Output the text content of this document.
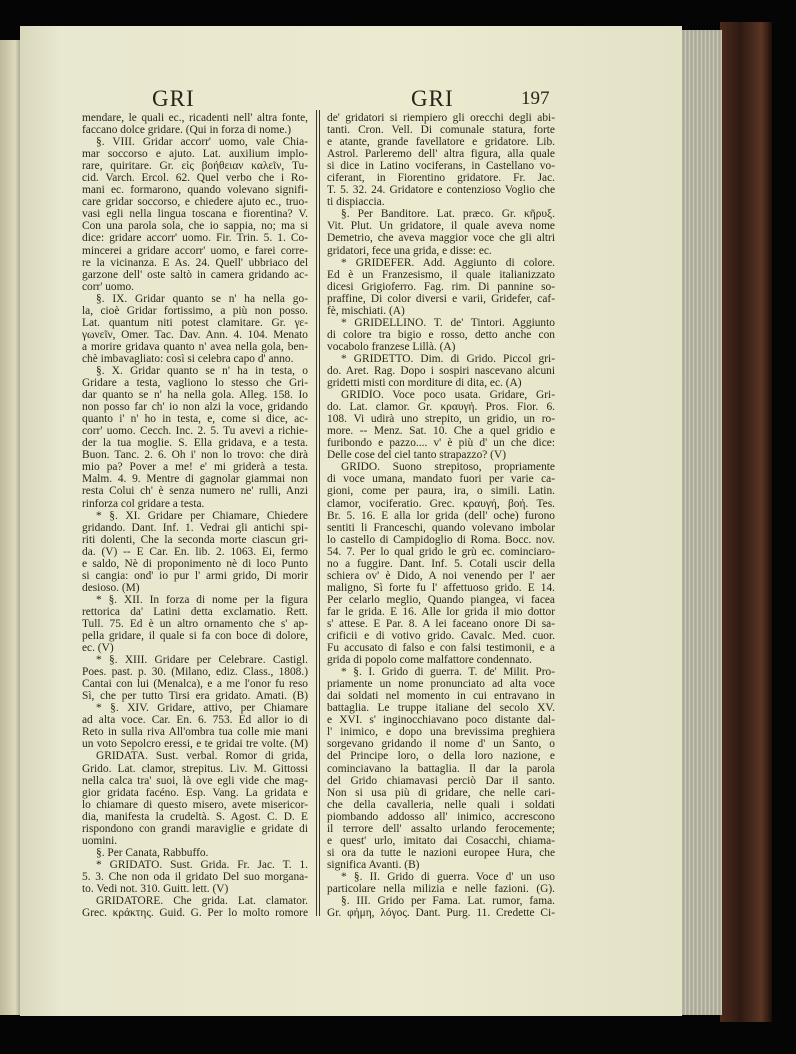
GRI	GRI	197
mendare, le quali ec., ricadenti nell' altra fonte,
faccano dolce gridare. (Qui in forza di nome.)
§. VIII. Gridar accorr' uomo, vale Chia-
mar soccorso e ajuto. Lat. auxilium implo-
rare, quiritare. Gr. εἰς βοήθειαν καλεῖν, Tu-
cid. Varch. Ercol. 62. Quel verbo che i Ro-
mani ec. formarono, quando volevano signifi-
care gridar soccorso, e chiedere ajuto ec., truo-
vasi egli nella lingua toscana e fiorentina? V.
Con una parola sola, che io sappia, no; ma si
dice: gridare accorr' uomo. Fir. Trin. 5. 1. Co-
mincerei a gridare accorr' uomo, e farei corre-
re la vicinanza. E As. 24. Quell' ubbriaco del
garzone dell' oste saltò in camera gridando ac-
corr' uomo.
§. IX. Gridar quanto se n' ha nella go-
la, cioè Gridar fortissimo, a più non posso.
Lat. quantum niti potest clamitare. Gr. γε-
γωνεῖν, Omer. Tac. Dav. Ann. 4. 104. Menato
a morire gridava quanto n' avea nella gola, ben-
chè imbavagliato: così si celebra capo d' anno.
§. X. Gridar quanto se n' ha in testa, o
Gridare a testa, vagliono lo stesso che Gri-
dar quanto se n' ha nella gola. Alleg. 158. Io
non posso far ch' io non alzi la voce, gridando
quanto i' n' ho in testa, e, come si dice, ac-
corr' uomo. Cecch. Inc. 2. 5. Tu avevi a richie-
der la tua moglie. S. Ella gridava, e a testa.
Buon. Tanc. 2. 6. Oh i' non lo trovo: che dirà
mio pa? Pover a me! e' mi griderà a testa.
Malm. 4. 9. Mentre di gagnolar giammai non
resta Colui ch' è senza numero ne' rulli, Anzi
rinforza col gridare a testa.
* §. XI. Gridare per Chiamare, Chiedere
gridando. Dant. Inf. 1. Vedrai gli antichi spi-
riti dolenti, Che la seconda morte ciascun gri-
da. (V) -- E Car. En. lib. 2. 1063. Ei, fermo
e saldo, Nè di proponimento nè di loco Punto
si cangia: ond' io pur l' armi grido, Di morir
desioso. (M)
* §. XII. In forza di nome per la figura
rettorica da' Latini detta exclamatio. Rett.
Tull. 75. Ed è un altro ornamento che s' ap-
pella gridare, il quale si fa con boce di dolore,
ec. (V)
* §. XIII. Gridare per Celebrare. Castigl.
Poes. past. p. 30. (Milano, ediz. Class., 1808.)
Cantai con lui (Menalca), e a me l'onor fu reso
Sì, che per tutto Tirsi era gridato. Amati. (B)
* §. XIV. Gridare, attivo, per Chiamare
ad alta voce. Car. En. 6. 753. Ed allor io di
Reto in sulla riva All'ombra tua colle mie mani
un voto Sepolcro eressi, e te gridai tre volte. (M)
GRIDATA. Sust. verbal. Romor di grida,
Grido. Lat. clamor, strepitus. Liv. M. Gittossi
nella calca tra' suoi, là ove egli vide che mag-
gior gridata facéno. Esp. Vang. La gridata e
lo chiamare di questo misero, avete misericor-
dia, manifesta la crudeltà. S. Agost. C. D. E
rispondono con grandi maraviglie e gridate di
uomini.
§. Per Canata, Rabbuffo.
* GRIDATO. Sust. Grida. Fr. Jac. T. 1.
5. 3. Che non oda il gridato Del suo morgana-
to. Vedi not. 310. Guitt. lett. (V)
GRIDATORE. Che grida. Lat. clamator.
Grec. κράκτης. Guid. G. Per lo molto romore
de' gridatori si riempiero gli orecchi degli abi-
tanti. Cron. Vell. Di comunale statura, forte
e atante, grande favellatore e gridatore. Lib.
Astrol. Parleremo dell' altra figura, alla quale
si dice in Latino vociferans, in Castellano vo-
ciferant, in Fiorentino gridatore. Fr. Jac.
T. 5. 32. 24. Gridatore e contenzioso Voglio che
ti dispiaccia.
§. Per Banditore. Lat. præco. Gr. κῆρυξ.
Vit. Plut. Un gridatore, il quale aveva nome
Demetrio, che aveva maggior voce che gli altri
gridatori, fece una grida, e disse: ec.
* GRIDEFER. Add. Aggiunto di colore.
Ed è un Franzesismo, il quale italianizzato
dicesi Grigioferro. Fag. rim. Di pannine so-
praffine, Di color diversi e varii, Gridefer, caf-
fè, mischiati. (A)
* GRIDELLINO. T. de' Tintori. Aggiunto
di colore tra bigio e rosso, detto anche con
vocabolo franzese Lillà. (A)
* GRIDETTO. Dim. di Grido. Piccol gri-
do. Aret. Rag. Dopo i sospiri nascevano alcuni
gridetti misti con morditure di dita, ec. (A)
GRIDÌO. Voce poco usata. Gridare, Gri-
do. Lat. clamor. Gr. κραυγή. Pros. Fior. 6.
108. Vi udirà uno strepito, un gridio, un ro-
more. -- Menz. Sat. 10. Che a quel gridio e
furibondo e pazzo.... v' è più d' un che dice:
Delle cose del ciel tanto strapazzo? (V)
GRIDO. Suono strepitoso, propriamente
di voce umana, mandato fuori per varie ca-
gioni, come per paura, ira, o simili. Latin.
clamor, vociferatio. Grec. κραυγή, βοή. Tes.
Br. 5. 16. E alla lor grida (dell' oche) furono
sentiti li Franceschi, quando volevano imbolar
lo castello di Campidoglio di Roma. Bocc. nov.
54. 7. Per lo qual grido le grù ec. cominciaro-
no a fuggire. Dant. Inf. 5. Cotali uscir della
schiera ov' è Dido, A noi venendo per l' aer
maligno, Sì forte fu l' affettuoso grido. E 14.
Per celarlo meglio, Quando piangea, vi facea
far le grida. E 16. Alle lor grida il mio dottor
s' attese. E Par. 8. A lei faceano onore Di sa-
crificii e di votivo grido. Cavalc. Med. cuor.
Fu accusato di falso e con falsi testimonii, e a
grida di popolo come malfattore condennato.
* §. I. Grido di guerra. T. de' Milit. Pro-
priamente un nome pronunciato ad alta voce
dai soldati nel momento in cui entravano in
battaglia. Le truppe italiane del secolo XV.
e XVI. s' inginocchiavano poco distante dal-
l' inimico, e dopo una brevissima preghiera
sorgevano gridando il nome d' un Santo, o
del Principe loro, o della loro nazione, e
cominciavano la battaglia. Il dar la parola
del Grido chiamavasi perciò Dar il santo.
Non si usa più di gridare, che nelle cari-
che della cavalleria, nelle quali i soldati
piombando addosso all' inimico, accrescono
il terrore dell' assalto urlando ferocemente;
e quest' urlo, imitato dai Cosacchi, chiama-
si ora da tutte le nazioni europee Hura, che
significa Avanti. (B)
* §. II. Grido di guerra. Voce d' un uso
particolare nella milizia e nelle fazioni. (G).
§. III. Grido per Fama. Lat. rumor, fama.
Gr. φήμη, λόγος. Dant. Purg. 11. Credette Ci-
